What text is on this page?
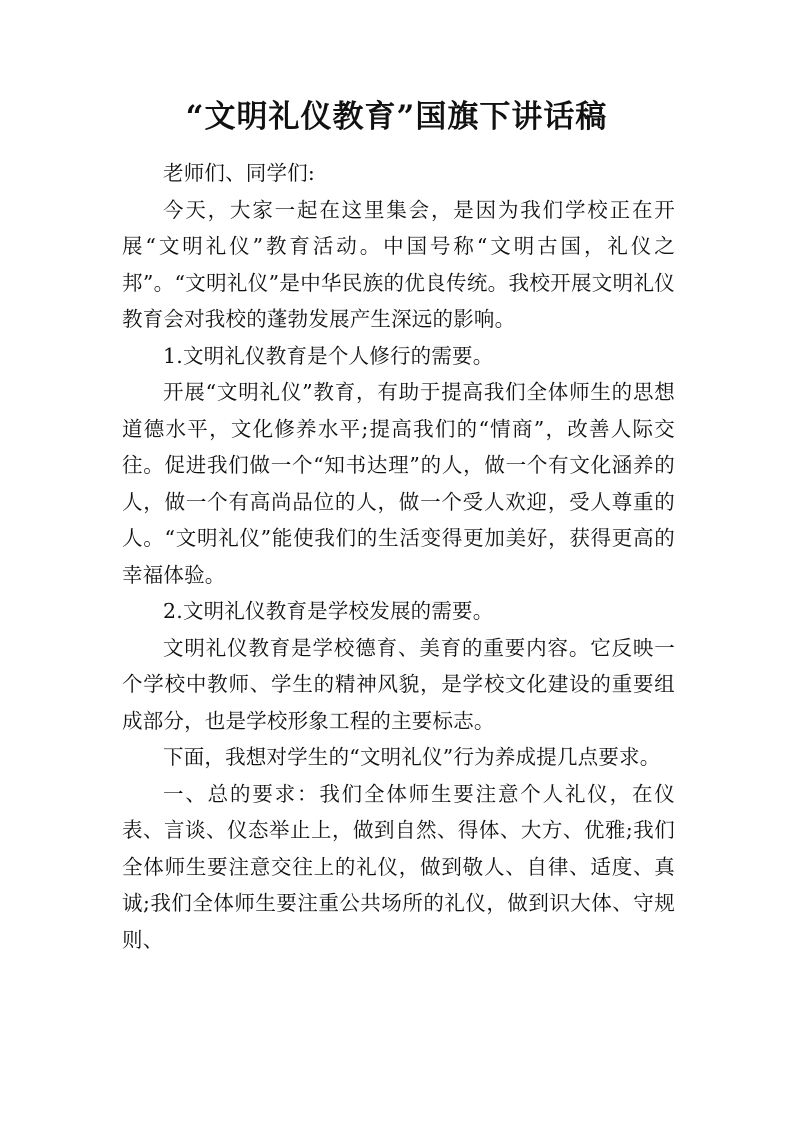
“文明礼仪教育”国旗下讲话稿

老师们、同学们:

今天，大家一起在这里集会，是因为我们学校正在开展“文明礼仪”教育活动。中国号称“文明古国，礼仪之邦”。“文明礼仪”是中华民族的优良传统。我校开展文明礼仪教育会对我校的蓬勃发展产生深远的影响。

1.文明礼仪教育是个人修行的需要。

开展“文明礼仪”教育，有助于提高我们全体师生的思想道德水平，文化修养水平;提高我们的“情商”，改善人际交往。促进我们做一个“知书达理”的人，做一个有文化涵养的人，做一个有高尚品位的人，做一个受人欢迎，受人尊重的人。“文明礼仪”能使我们的生活变得更加美好，获得更高的幸福体验。

2.文明礼仪教育是学校发展的需要。

文明礼仪教育是学校德育、美育的重要内容。它反映一个学校中教师、学生的精神风貌，是学校文化建设的重要组成部分，也是学校形象工程的主要标志。

下面，我想对学生的“文明礼仪”行为养成提几点要求。

一、总的要求：我们全体师生要注意个人礼仪，在仪表、言谈、仪态举止上，做到自然、得体、大方、优雅;我们全体师生要注意交往上的礼仪，做到敬人、自律、适度、真诚;我们全体师生要注重公共场所的礼仪，做到识大体、守规则、
